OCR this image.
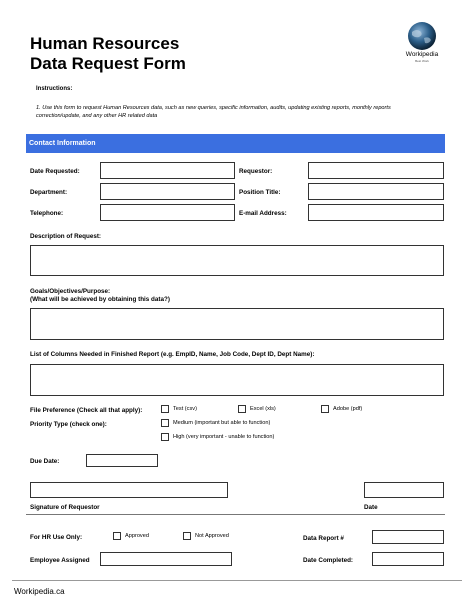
Human Resources
Data Request Form	Workipedia
Best Work
Instructions:
1. Use this form to request Human Resources data, such as new queries, specific information, audits, updating existing reports, monthly reports correction/update, and any other HR related data
Contact Information
Date Requested:	Requestor:
Department:	Position Title:
Telephone:	E-mail Address:
Description of Request:
Goals/Objectives/Purpose:
(What will be achieved by obtaining this data?)
List of Columns Needed in Finished Report (e.g. EmpID, Name, Job Code, Dept ID, Dept Name):
File Preference (Check all that apply):	Test (csv)	Excel (xls)	Adobe (pdf)
Priority Type (check one):	Medium (important but able to function)
High (very important - unable to function)
Due Date:
Signature of Requestor	Date
For HR Use Only:	Approved	Not Approved	Data Report #
Employee Assigned	Date Completed:
Workipedia.ca
